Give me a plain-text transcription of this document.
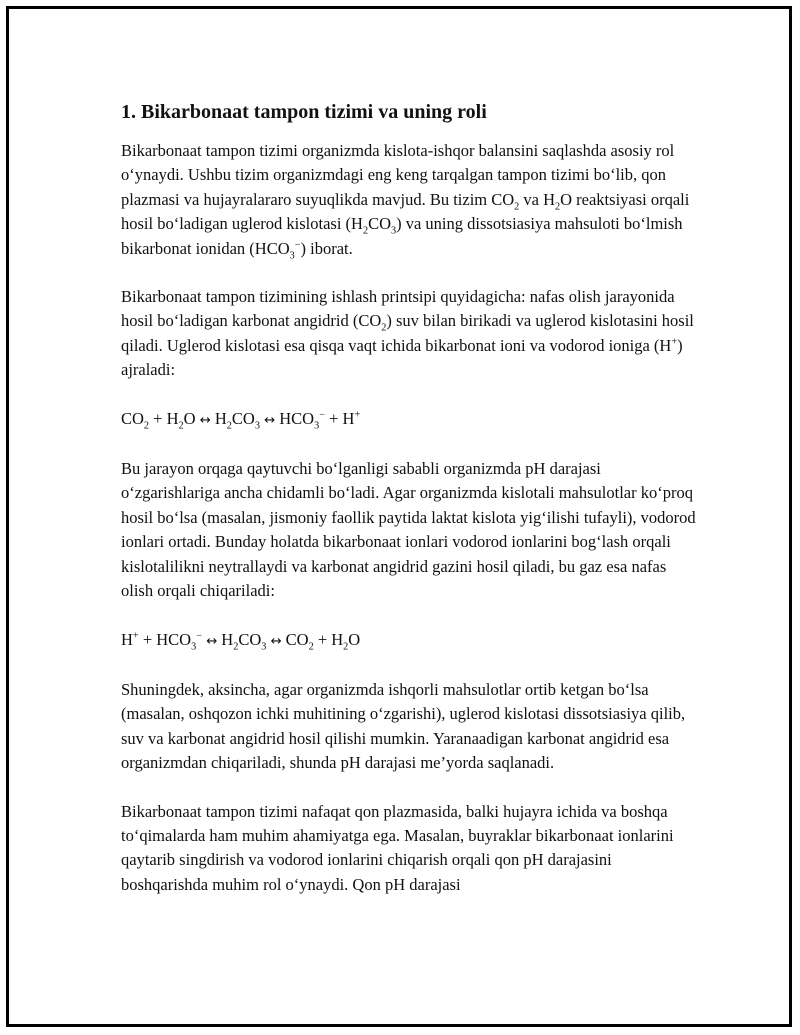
1. Bikarbonaat tampon tizimi va uning roli

Bikarbonaat tampon tizimi organizmda kislota-ishqor balansini saqlashda asosiy rol o‘ynaydi. Ushbu tizim organizmdagi eng keng tarqalgan tampon tizimi bo‘lib, qon plazmasi va hujayralararo suyuqlikda mavjud. Bu tizim $CO_2$ va $H_2O$ reaktsiyasi orqali hosil bo‘ladigan uglerod kislotasi $(H_2CO_3)$ va uning dissotsiasiya mahsuloti bo‘lmish bikarbonat ionidan $(HCO_3^-)$ iborat.

Bikarbonaat tampon tizimining ishlash printsipi quyidagicha: nafas olish jarayonida hosil bo‘ladigan karbonat angidrid $(CO_2)$ suv bilan birikadi va uglerod kislotasini hosil qiladi. Uglerod kislotasi esa qisqa vaqt ichida bikarbonat ioni va vodorod ioniga (H+) ajraladi:

$CO_2 + H_2O$ ↔ $H_2CO_3$ ↔ $HCO_3^- + H^+$

Bu jarayon orqaga qaytuvchi bo‘lganligi sababli organizmda pH darajasi o‘zgarishlariga ancha chidamli bo‘ladi. Agar organizmda kislotali mahsulotlar ko‘proq hosil bo‘lsa (masalan, jismoniy faollik paytida laktat kislota yig‘ilishi tufayli), vodorod ionlari ortadi. Bunday holatda bikarbonaat ionlari vodorod ionlarini bog‘lash orqali kislotalilikni neytrallaydi va karbonat angidrid gazini hosil qiladi, bu gaz esa nafas olish orqali chiqariladi:

$H^+ + HCO_3^-$ ↔ $H_2CO_3$ ↔ $CO_2 + H_2O$

Shuningdek, aksincha, agar organizmda ishqorli mahsulotlar ortib ketgan bo‘lsa (masalan, oshqozon ichki muhitining o‘zgarishi), uglerod kislotasi dissotsiasiya qilib, suv va karbonat angidrid hosil qilishi mumkin. Yaranaadigan karbonat angidrid esa organizmdan chiqariladi, shunda pH darajasi me’yorda saqlanadi.

Bikarbonaat tampon tizimi nafaqat qon plazmasida, balki hujayra ichida va boshqa to‘qimalarda ham muhim ahamiyatga ega. Masalan, buyraklar bikarbonaat ionlarini qaytarib singdirish va vodorod ionlarini chiqarish orqali qon pH darajasini boshqarishda muhim rol o‘ynaydi. Qon pH darajasi
